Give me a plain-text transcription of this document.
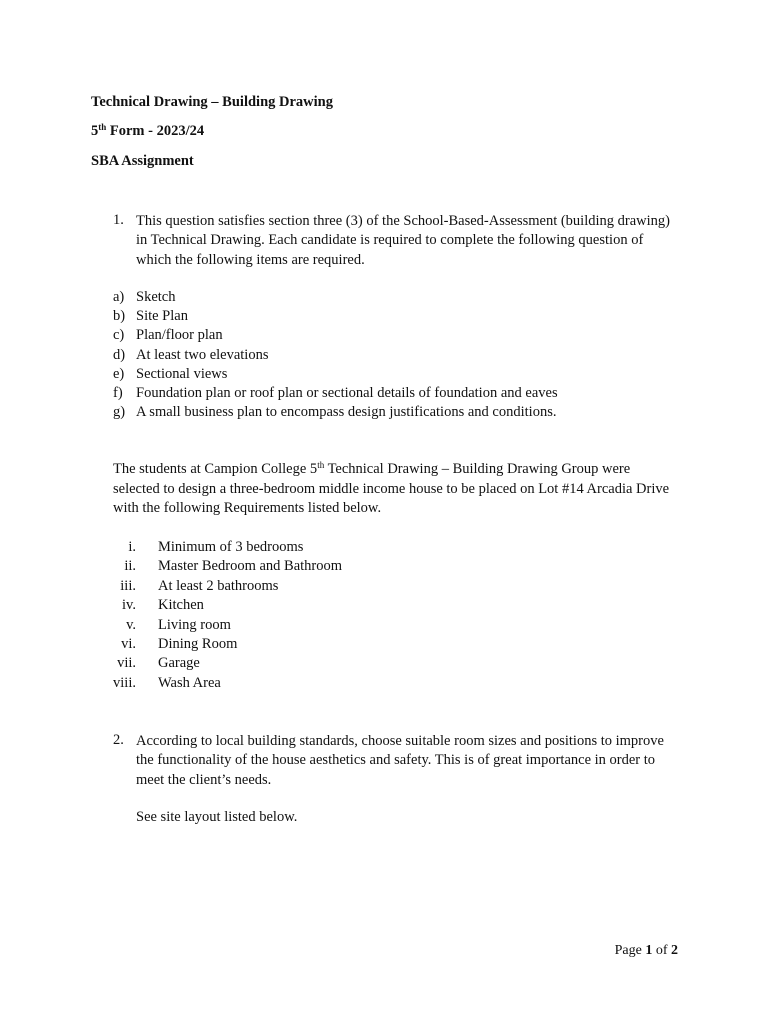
Technical Drawing – Building Drawing
5th Form - 2023/24
SBA Assignment
1. This question satisfies section three (3) of the School-Based-Assessment (building drawing) in Technical Drawing. Each candidate is required to complete the following question of which the following items are required.
a) Sketch
b) Site Plan
c) Plan/floor plan
d) At least two elevations
e) Sectional views
f) Foundation plan or roof plan or sectional details of foundation and eaves
g) A small business plan to encompass design justifications and conditions.
The students at Campion College 5th Technical Drawing – Building Drawing Group were selected to design a three-bedroom middle income house to be placed on Lot #14 Arcadia Drive with the following Requirements listed below.
i. Minimum of 3 bedrooms
ii. Master Bedroom and Bathroom
iii. At least 2 bathrooms
iv. Kitchen
v. Living room
vi. Dining Room
vii. Garage
viii. Wash Area
2. According to local building standards, choose suitable room sizes and positions to improve the functionality of the house aesthetics and safety. This is of great importance in order to meet the client’s needs.
See site layout listed below.
Page 1 of 2
